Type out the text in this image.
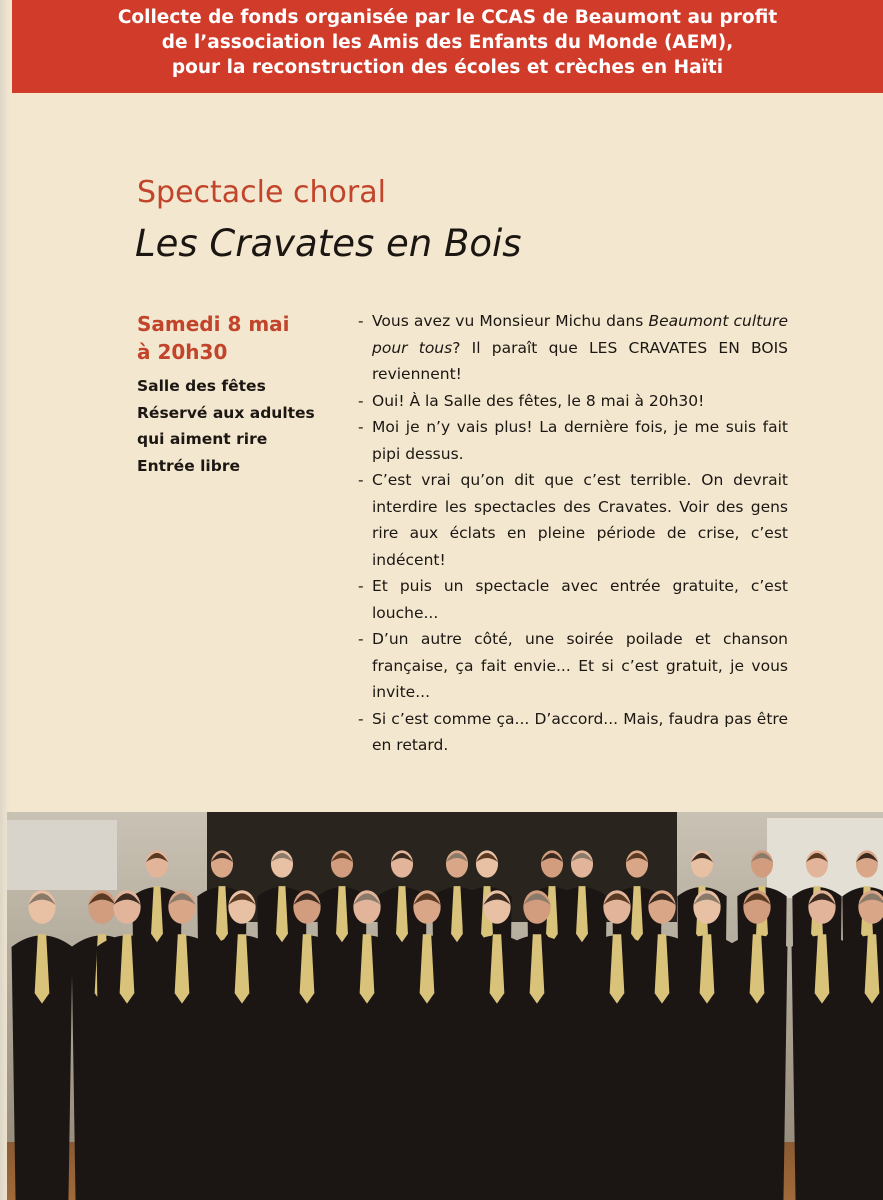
Collecte de fonds organisée par le CCAS de Beaumont au profit
de l’association les Amis des Enfants du Monde (AEM),
pour la reconstruction des écoles et crèches en Haïti
Spectacle choral
Les Cravates en Bois
Samedi 8 mai
à 20h30
Salle des fêtes
Réservé aux adultes
qui aiment rire
Entrée libre
- Vous avez vu Monsieur Michu dans Beaumont culture pour tous? Il paraît que LES CRAVATES EN BOIS reviennent!
- Oui! À la Salle des fêtes, le 8 mai à 20h30!
- Moi je n’y vais plus! La dernière fois, je me suis fait pipi dessus.
- C’est vrai qu’on dit que c’est terrible. On devrait interdire les spectacles des Cravates. Voir des gens rire aux éclats en pleine période de crise, c’est indécent!
- Et puis un spectacle avec entrée gratuite, c’est louche...
- D’un autre côté, une soirée poilade et chanson française, ça fait envie... Et si c’est gratuit, je vous invite...
- Si c’est comme ça... D’accord... Mais, faudra pas être en retard.
